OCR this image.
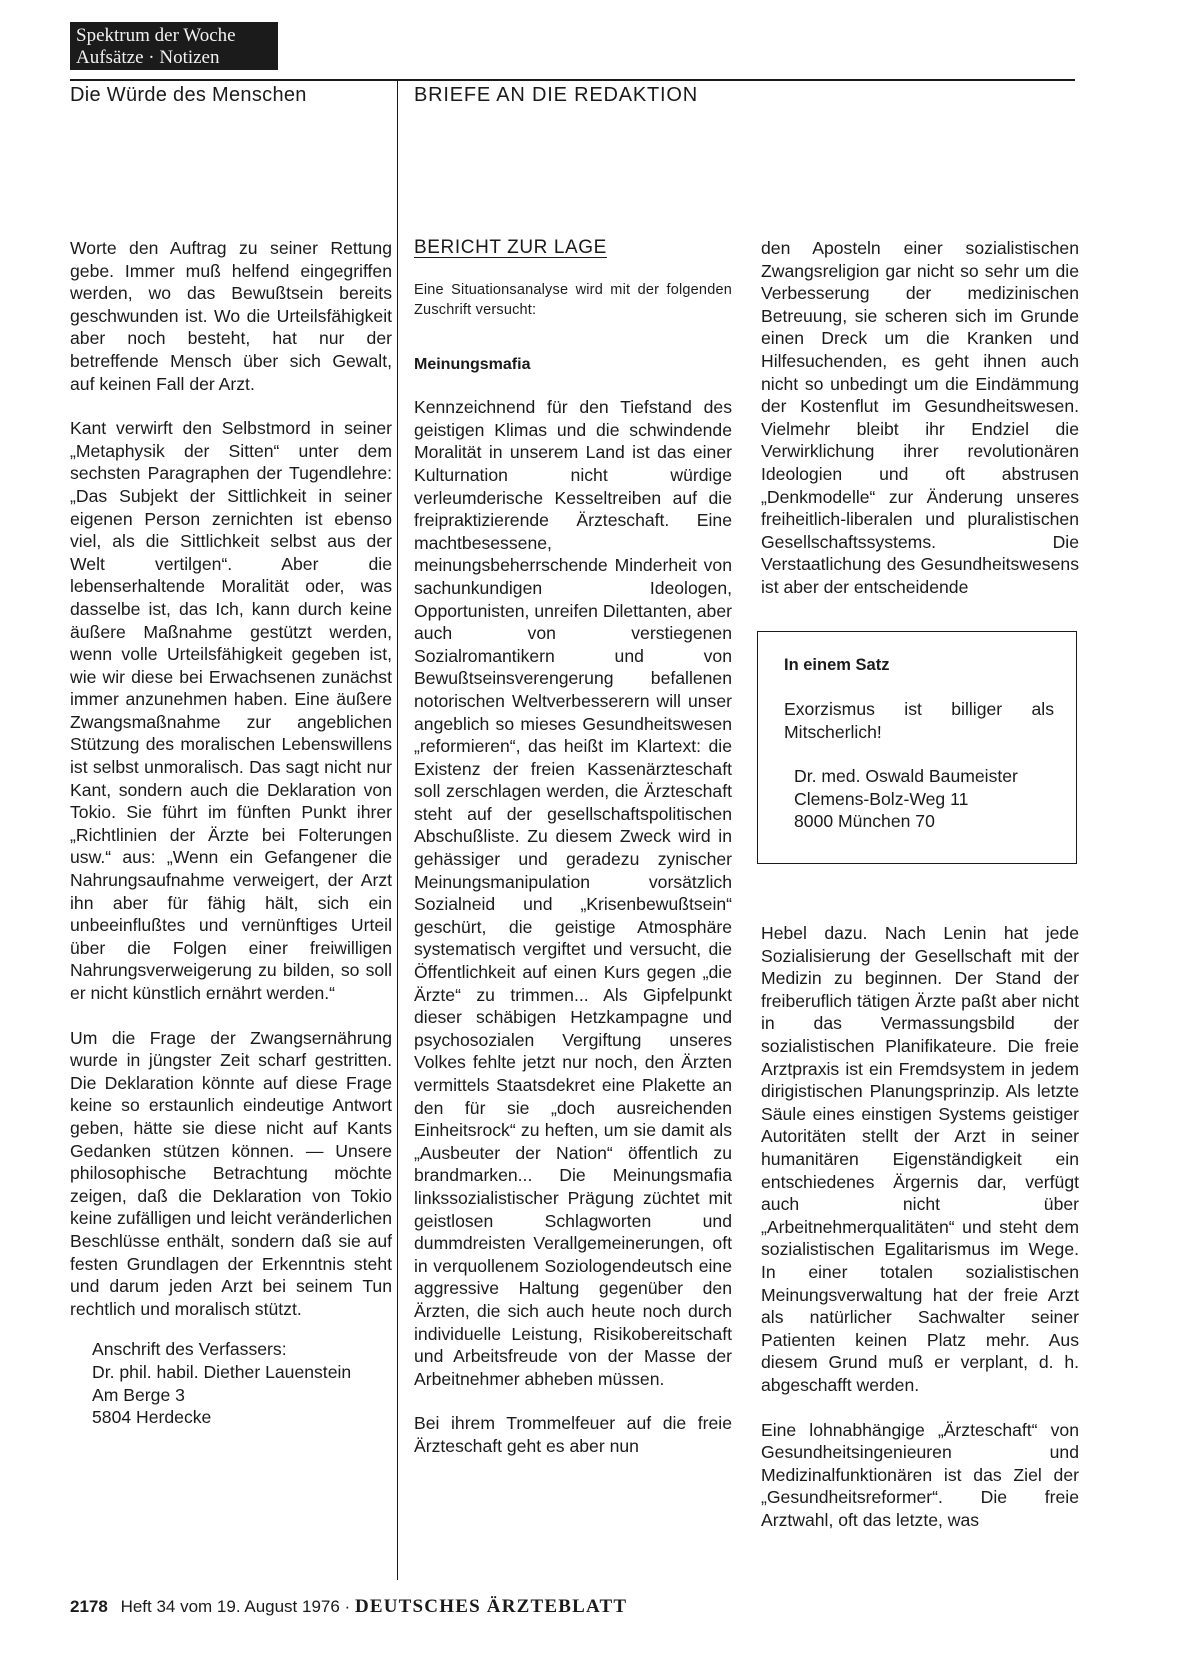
Spektrum der Woche
Aufsätze · Notizen
Die Würde des Menschen	BRIEFE AN DIE REDAKTION

Worte den Auftrag zu seiner Rettung gebe. Immer muß helfend eingegriffen werden, wo das Bewußtsein bereits geschwunden ist. Wo die Urteilsfähigkeit aber noch besteht, hat nur der betreffende Mensch über sich Gewalt, auf keinen Fall der Arzt.

Kant verwirft den Selbstmord in seiner „Metaphysik der Sitten“ unter dem sechsten Paragraphen der Tugendlehre: „Das Subjekt der Sittlichkeit in seiner eigenen Person zernichten ist ebenso viel, als die Sittlichkeit selbst aus der Welt vertilgen“. Aber die lebenserhaltende Moralität oder, was dasselbe ist, das Ich, kann durch keine äußere Maßnahme gestützt werden, wenn volle Urteilsfähigkeit gegeben ist, wie wir diese bei Erwachsenen zunächst immer anzunehmen haben. Eine äußere Zwangsmaßnahme zur angeblichen Stützung des moralischen Lebenswillens ist selbst unmoralisch. Das sagt nicht nur Kant, sondern auch die Deklaration von Tokio. Sie führt im fünften Punkt ihrer „Richtlinien der Ärzte bei Folterungen usw.“ aus: „Wenn ein Gefangener die Nahrungsaufnahme verweigert, der Arzt ihn aber für fähig hält, sich ein unbeeinflußtes und vernünftiges Urteil über die Folgen einer freiwilligen Nahrungsverweigerung zu bilden, so soll er nicht künstlich ernährt werden.“

Um die Frage der Zwangsernährung wurde in jüngster Zeit scharf gestritten. Die Deklaration könnte auf diese Frage keine so erstaunlich eindeutige Antwort geben, hätte sie diese nicht auf Kants Gedanken stützen können. — Unsere philosophische Betrachtung möchte zeigen, daß die Deklaration von Tokio keine zufälligen und leicht veränderlichen Beschlüsse enthält, sondern daß sie auf festen Grundlagen der Erkenntnis steht und darum jeden Arzt bei seinem Tun rechtlich und moralisch stützt.

Anschrift des Verfassers:
Dr. phil. habil. Diether Lauenstein
Am Berge 3
5804 Herdecke
BERICHT ZUR LAGE
Eine Situationsanalyse wird mit der folgenden Zuschrift versucht:
Meinungsmafia

Kennzeichnend für den Tiefstand des geistigen Klimas und die schwindende Moralität in unserem Land ist das einer Kulturnation nicht würdige verleumderische Kesseltreiben auf die freipraktizierende Ärzteschaft. Eine machtbesessene, meinungsbeherrschende Minderheit von sachunkundigen Ideologen, Opportunisten, unreifen Dilettanten, aber auch von verstiegenen Sozialromantikern und von Bewußtseinsverengerung befallenen notorischen Weltverbesserern will unser angeblich so mieses Gesundheitswesen „reformieren“, das heißt im Klartext: die Existenz der freien Kassenärzteschaft soll zerschlagen werden, die Ärzteschaft steht auf der gesellschaftspolitischen Abschußliste. Zu diesem Zweck wird in gehässiger und geradezu zynischer Meinungsmanipulation vorsätzlich Sozialneid und „Krisenbewußtsein“ geschürt, die geistige Atmosphäre systematisch vergiftet und versucht, die Öffentlichkeit auf einen Kurs gegen „die Ärzte“ zu trimmen... Als Gipfelpunkt dieser schäbigen Hetzkampagne und psychosozialen Vergiftung unseres Volkes fehlte jetzt nur noch, den Ärzten vermittels Staatsdekret eine Plakette an den für sie „doch ausreichenden Einheitsrock“ zu heften, um sie damit als „Ausbeuter der Nation“ öffentlich zu brandmarken... Die Meinungsmafia linkssozialistischer Prägung züchtet mit geistlosen Schlagworten und dummdreisten Verallgemeinerungen, oft in verquollenem Soziologendeutsch eine aggressive Haltung gegenüber den Ärzten, die sich auch heute noch durch individuelle Leistung, Risikobereitschaft und Arbeitsfreude von der Masse der Arbeitnehmer abheben müssen.

Bei ihrem Trommelfeuer auf die freie Ärzteschaft geht es aber nun

den Aposteln einer sozialistischen Zwangsreligion gar nicht so sehr um die Verbesserung der medizinischen Betreuung, sie scheren sich im Grunde einen Dreck um die Kranken und Hilfesuchenden, es geht ihnen auch nicht so unbedingt um die Eindämmung der Kostenflut im Gesundheitswesen. Vielmehr bleibt ihr Endziel die Verwirklichung ihrer revolutionären Ideologien und oft abstrusen „Denkmodelle“ zur Änderung unseres freiheitlich-liberalen und pluralistischen Gesellschaftssystems. Die Verstaatlichung des Gesundheitswesens ist aber der entscheidende

In einem Satz
Exorzismus ist billiger als Mitscherlich!
Dr. med. Oswald Baumeister
Clemens-Bolz-Weg 11
8000 München 70

Hebel dazu. Nach Lenin hat jede Sozialisierung der Gesellschaft mit der Medizin zu beginnen. Der Stand der freiberuflich tätigen Ärzte paßt aber nicht in das Vermassungsbild der sozialistischen Planifikateure. Die freie Arztpraxis ist ein Fremdsystem in jedem dirigistischen Planungsprinzip. Als letzte Säule eines einstigen Systems geistiger Autoritäten stellt der Arzt in seiner humanitären Eigenständigkeit ein entschiedenes Ärgernis dar, verfügt auch nicht über „Arbeitnehmerqualitäten“ und steht dem sozialistischen Egalitarismus im Wege. In einer totalen sozialistischen Meinungsverwaltung hat der freie Arzt als natürlicher Sachwalter seiner Patienten keinen Platz mehr. Aus diesem Grund muß er verplant, d. h. abgeschafft werden.

Eine lohnabhängige „Ärzteschaft“ von Gesundheitsingenieuren und Medizinalfunktionären ist das Ziel der „Gesundheitsreformer“. Die freie Arztwahl, oft das letzte, was

2178 Heft 34 vom 19. August 1976 · DEUTSCHES ÄRZTEBLATT
